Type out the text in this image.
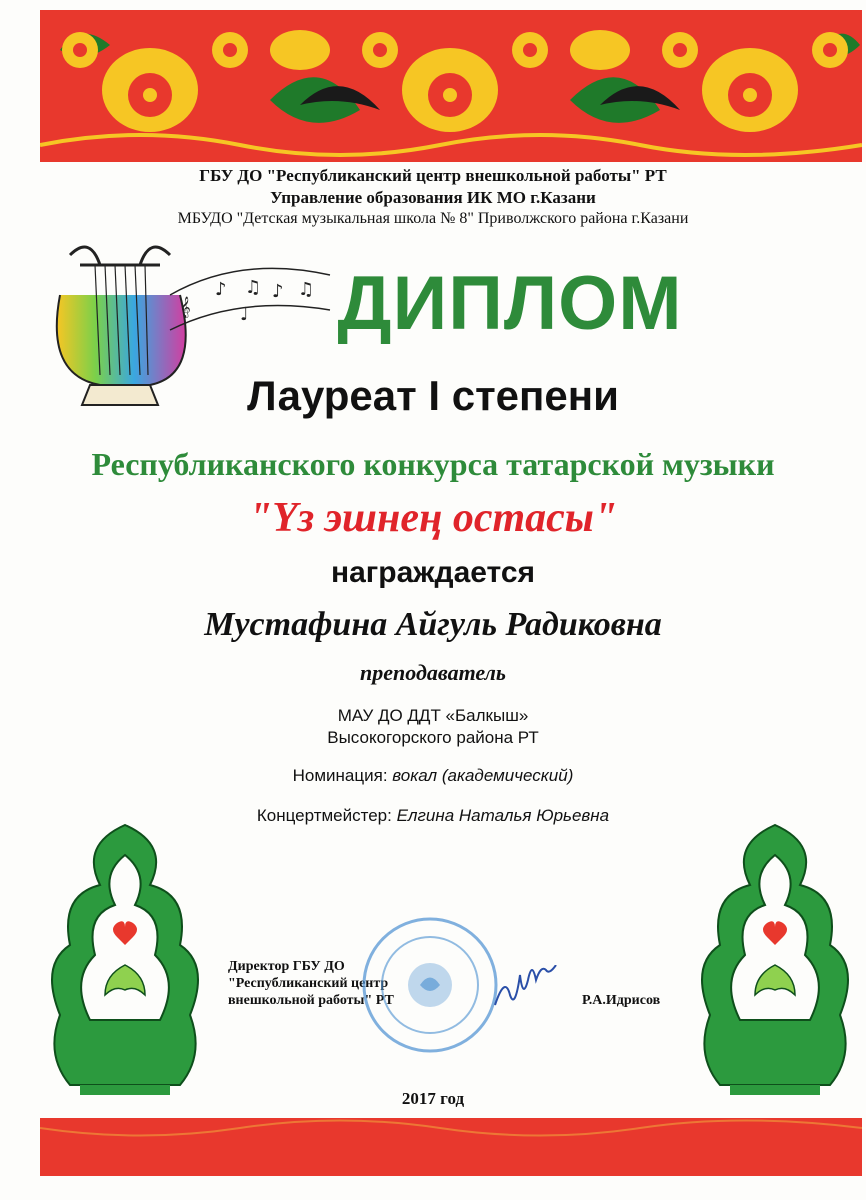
ГБУ ДО "Республиканский центр внешкольной работы" РТ
Управление образования ИК МО г.Казани
МБУДО "Детская музыкальная школа № 8" Приволжского района г.Казани
𝄞
♪ ♫ ♪ ♫
♩ ДИПЛОМ
Лауреат I степени
Республиканского конкурса татарской музыки
"Үз эшнең остасы"
награждается
Мустафина Айгуль Радиковна
преподаватель
МАУ ДО ДДТ «Балкыш»
Высокогорского района РТ
Номинация: вокал (академический)
Концертмейстер: Елгина Наталья Юрьевна
Директор ГБУ ДО
"Республиканский центр
внешкольной работы" РТ	Р.А.Идрисов
2017 год
